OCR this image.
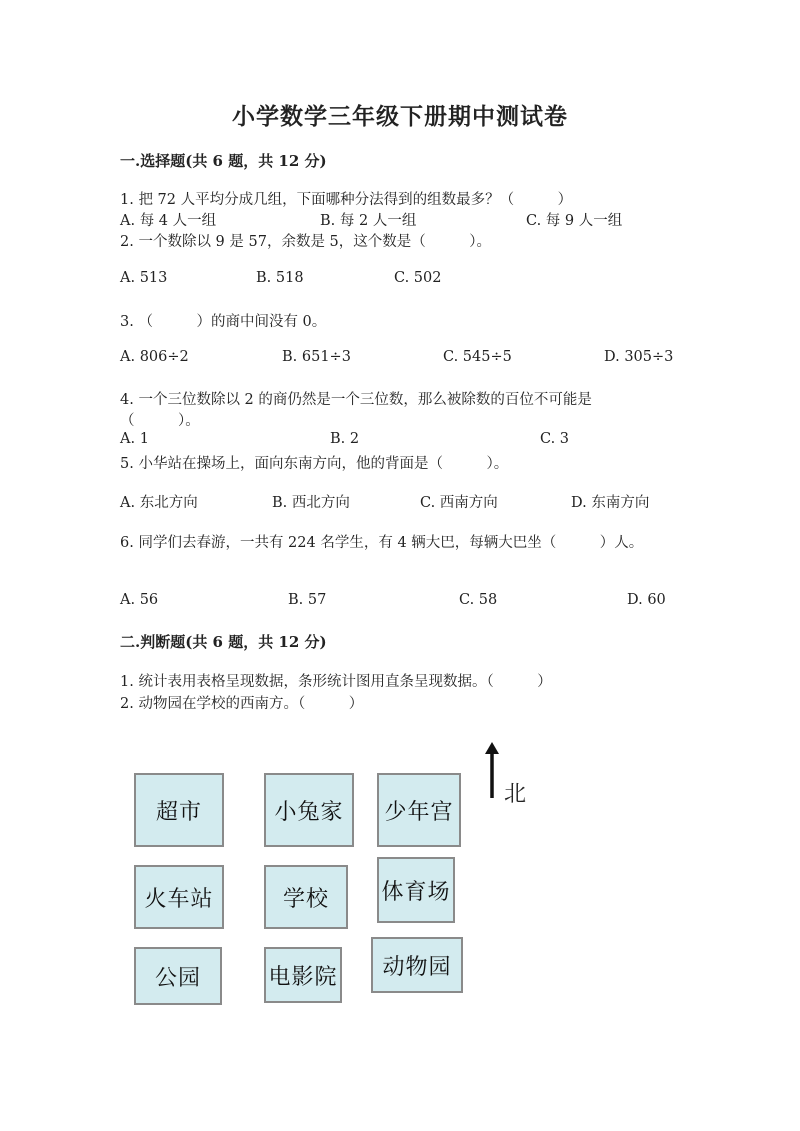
小学数学三年级下册期中测试卷
一.选择题(共 6 题，共 12 分)
1. 把 72 人平均分成几组，下面哪种分法得到的组数最多？（　　　）
A. 每 4 人一组	B. 每 2 人一组	C. 每 9 人一组
2. 一个数除以 9 是 57，余数是 5，这个数是（　　　）。
A. 513	B. 518	C. 502
3. （　　　）的商中间没有 0。
A. 806÷2	B. 651÷3	C. 545÷5	D. 305÷3
4. 一个三位数除以 2 的商仍然是一个三位数，那么被除数的百位不可能是
（　　　）。
A. 1	B. 2	C. 3
5. 小华站在操场上，面向东南方向，他的背面是（　　　）。
A. 东北方向	B. 西北方向	C. 西南方向	D. 东南方向
6. 同学们去春游，一共有 224 名学生，有 4 辆大巴，每辆大巴坐（　　　）人。
A. 56	B. 57	C. 58	D. 60
二.判断题(共 6 题，共 12 分)
1. 统计表用表格呈现数据，条形统计图用直条呈现数据。（　　　）
2. 动物园在学校的西南方。（　　　）
北
超市	小兔家	少年宫
火车站	学校	体育场
公园	电影院	动物园
